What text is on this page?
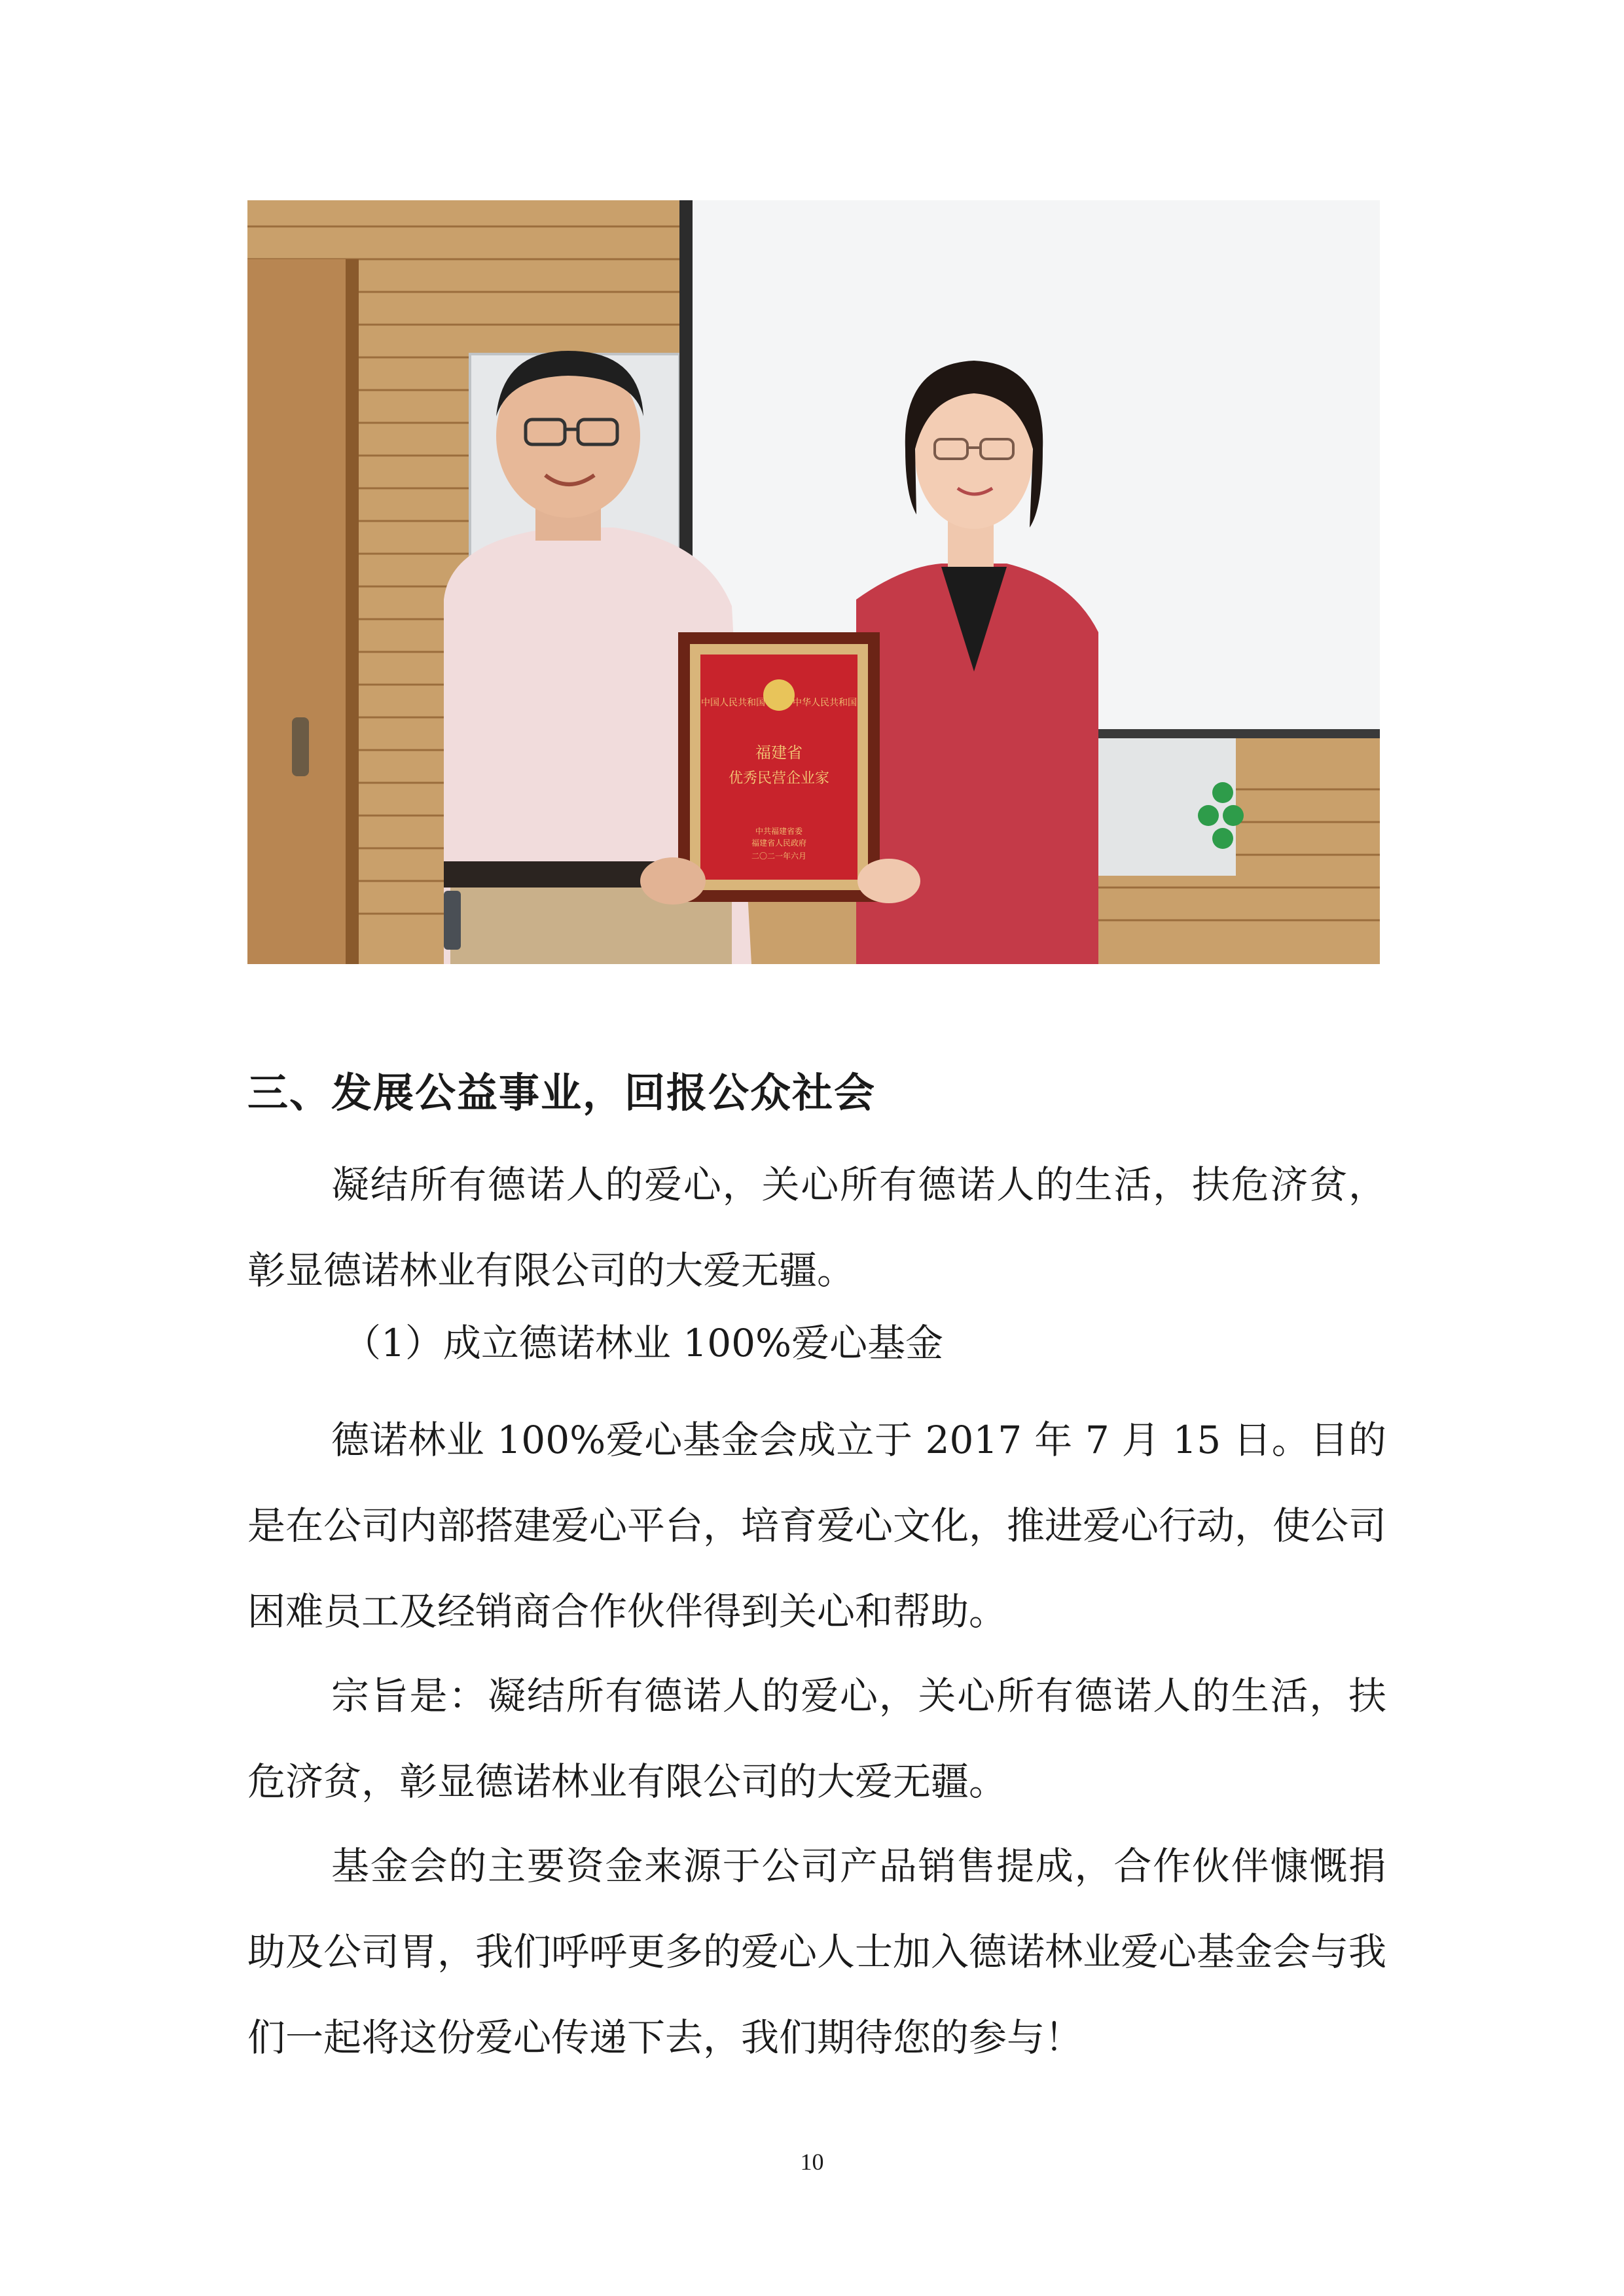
中国人民共和国	中华人民共和国
福建省
优秀民营企业家
中共福建省委
福建省人民政府
二〇二一年六月
三、发展公益事业，回报公众社会
凝结所有德诺人的爱心，关心所有德诺人的生活，扶危济贫，彰显德诺林业有限公司的大爱无疆。
（1）成立德诺林业 100%爱心基金
德诺林业 100%爱心基金会成立于 2017 年 7 月 15 日。目的是在公司内部搭建爱心平台，培育爱心文化，推进爱心行动，使公司困难员工及经销商合作伙伴得到关心和帮助。
宗旨是：凝结所有德诺人的爱心，关心所有德诺人的生活，扶危济贫，彰显德诺林业有限公司的大爱无疆。
基金会的主要资金来源于公司产品销售提成，合作伙伴慷慨捐助及公司胃，我们呼呼更多的爱心人士加入德诺林业爱心基金会与我们一起将这份爱心传递下去，我们期待您的参与！
10
